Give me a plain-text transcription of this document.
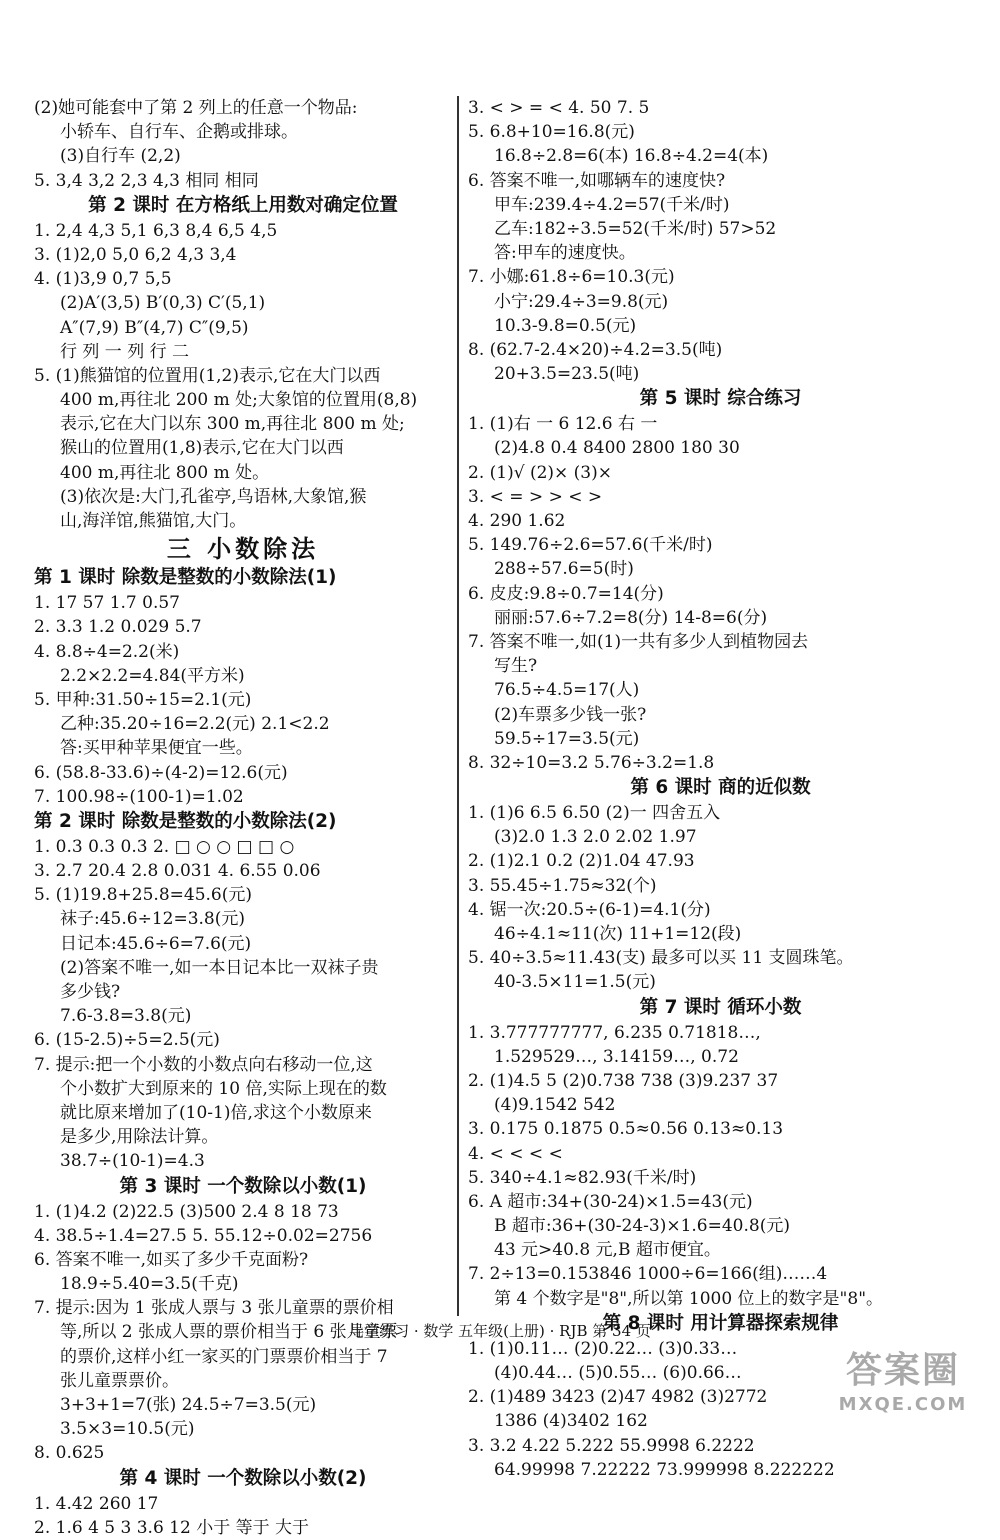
(2)她可能套中了第 2 列上的任意一个物品:
小轿车、自行车、企鹅或排球。
(3)自行车 (2,2)
5. 3,4 3,2 2,3 4,3 相同 相同
第 2 课时 在方格纸上用数对确定位置
1. 2,4 4,3 5,1 6,3 8,4 6,5 4,5
3. (1)2,0 5,0 6,2 4,3 3,4
4. (1)3,9 0,7 5,5
(2)A′(3,5) B′(0,3) C′(5,1)
A″(7,9) B″(4,7) C″(9,5)
行 列 一 列 行 二
5. (1)熊猫馆的位置用(1,2)表示,它在大门以西
400 m,再往北 200 m 处;大象馆的位置用(8,8)
表示,它在大门以东 300 m,再往北 800 m 处;
猴山的位置用(1,8)表示,它在大门以西
400 m,再往北 800 m 处。
(3)依次是:大门,孔雀亭,鸟语林,大象馆,猴
山,海洋馆,熊猫馆,大门。
三 小数除法
第 1 课时 除数是整数的小数除法(1)
1. 17 57 1.7 0.57
2. 3.3 1.2 0.029 5.7
4. 8.8÷4=2.2(米)
2.2×2.2=4.84(平方米)
5. 甲种:31.50÷15=2.1(元)
乙种:35.20÷16=2.2(元) 2.1<2.2
答:买甲种苹果便宜一些。
6. (58.8-33.6)÷(4-2)=12.6(元)
7. 100.98÷(100-1)=1.02
第 2 课时 除数是整数的小数除法(2)
1. 0.3 0.3 0.3 2. □ ○ ○ □ □ ○
3. 2.7 20.4 2.8 0.031 4. 6.55 0.06
5. (1)19.8+25.8=45.6(元)
袜子:45.6÷12=3.8(元)
日记本:45.6÷6=7.6(元)
(2)答案不唯一,如一本日记本比一双袜子贵
多少钱?
7.6-3.8=3.8(元)
6. (15-2.5)÷5=2.5(元)
7. 提示:把一个小数的小数点向右移动一位,这
个小数扩大到原来的 10 倍,实际上现在的数
就比原来增加了(10-1)倍,求这个小数原来
是多少,用除法计算。
38.7÷(10-1)=4.3
第 3 课时 一个数除以小数(1)
1. (1)4.2 (2)22.5 (3)500 2.4 8 18 73
4. 38.5÷1.4=27.5 5. 55.12÷0.02=2756
6. 答案不唯一,如买了多少千克面粉?
18.9÷5.40=3.5(千克)
7. 提示:因为 1 张成人票与 3 张儿童票的票价相
等,所以 2 张成人票的票价相当于 6 张儿童票
的票价,这样小红一家买的门票票价相当于 7
张儿童票票价。
3+3+1=7(张) 24.5÷7=3.5(元)
3.5×3=10.5(元)
8. 0.625
第 4 课时 一个数除以小数(2)
1. 4.42 260 17
2. 1.6 4 5 3 3.6 12 小于 等于 大于
3. < > = < 4. 50 7. 5
5. 6.8+10=16.8(元)
16.8÷2.8=6(本) 16.8÷4.2=4(本)
6. 答案不唯一,如哪辆车的速度快?
甲车:239.4÷4.2=57(千米/时)
乙车:182÷3.5=52(千米/时) 57>52
答:甲车的速度快。
7. 小娜:61.8÷6=10.3(元)
小宁:29.4÷3=9.8(元)
10.3-9.8=0.5(元)
8. (62.7-2.4×20)÷4.2=3.5(吨)
20+3.5=23.5(吨)
第 5 课时 综合练习
1. (1)右 一 6 12.6 右 一
(2)4.8 0.4 8400 2800 180 30
2. (1)√ (2)× (3)×
3. < = > > < >
4. 290 1.62
5. 149.76÷2.6=57.6(千米/时)
288÷57.6=5(时)
6. 皮皮:9.8÷0.7=14(分)
丽丽:57.6÷7.2=8(分) 14-8=6(分)
7. 答案不唯一,如(1)一共有多少人到植物园去
写生?
76.5÷4.5=17(人)
(2)车票多少钱一张?
59.5÷17=3.5(元)
8. 32÷10=3.2 5.76÷3.2=1.8
第 6 课时 商的近似数
1. (1)6 6.5 6.50 (2)一 四舍五入
(3)2.0 1.3 2.0 2.02 1.97
2. (1)2.1 0.2 (2)1.04 47.93
3. 55.45÷1.75≈32(个)
4. 锯一次:20.5÷(6-1)=4.1(分)
46÷4.1≈11(次) 11+1=12(段)
5. 40÷3.5≈11.43(支) 最多可以买 11 支圆珠笔。
40-3.5×11=1.5(元)
第 7 课时 循环小数
1. 3.777777777, 6.235 0.71818…,
1.529529…, 3.14159…, 0.72
2. (1)4.5 5 (2)0.738 738 (3)9.237 37
(4)9.1542 542
3. 0.175 0.1875 0.5≈0.56 0.13≈0.13
4. < < < <
5. 340÷4.1≈82.93(千米/时)
6. A 超市:34+(30-24)×1.5=43(元)
B 超市:36+(30-24-3)×1.6=40.8(元)
43 元>40.8 元,B 超市便宜。
7. 2÷13=0.153846 1000÷6=166(组)……4
第 4 个数字是"8",所以第 1000 位上的数字是"8"。
第 8 课时 用计算器探索规律
1. (1)0.11… (2)0.22… (3)0.33…
(4)0.44… (5)0.55… (6)0.66…
2. (1)489 3423 (2)47 4982 (3)2772
1386 (4)3402 162
3. 3.2 4.22 5.222 55.9998 6.2222
64.99998 7.22222 73.999998 8.222222
导学练习 · 数学 五年级(上册) · RJB 第 34 页
答案圈
MXQE.COM
